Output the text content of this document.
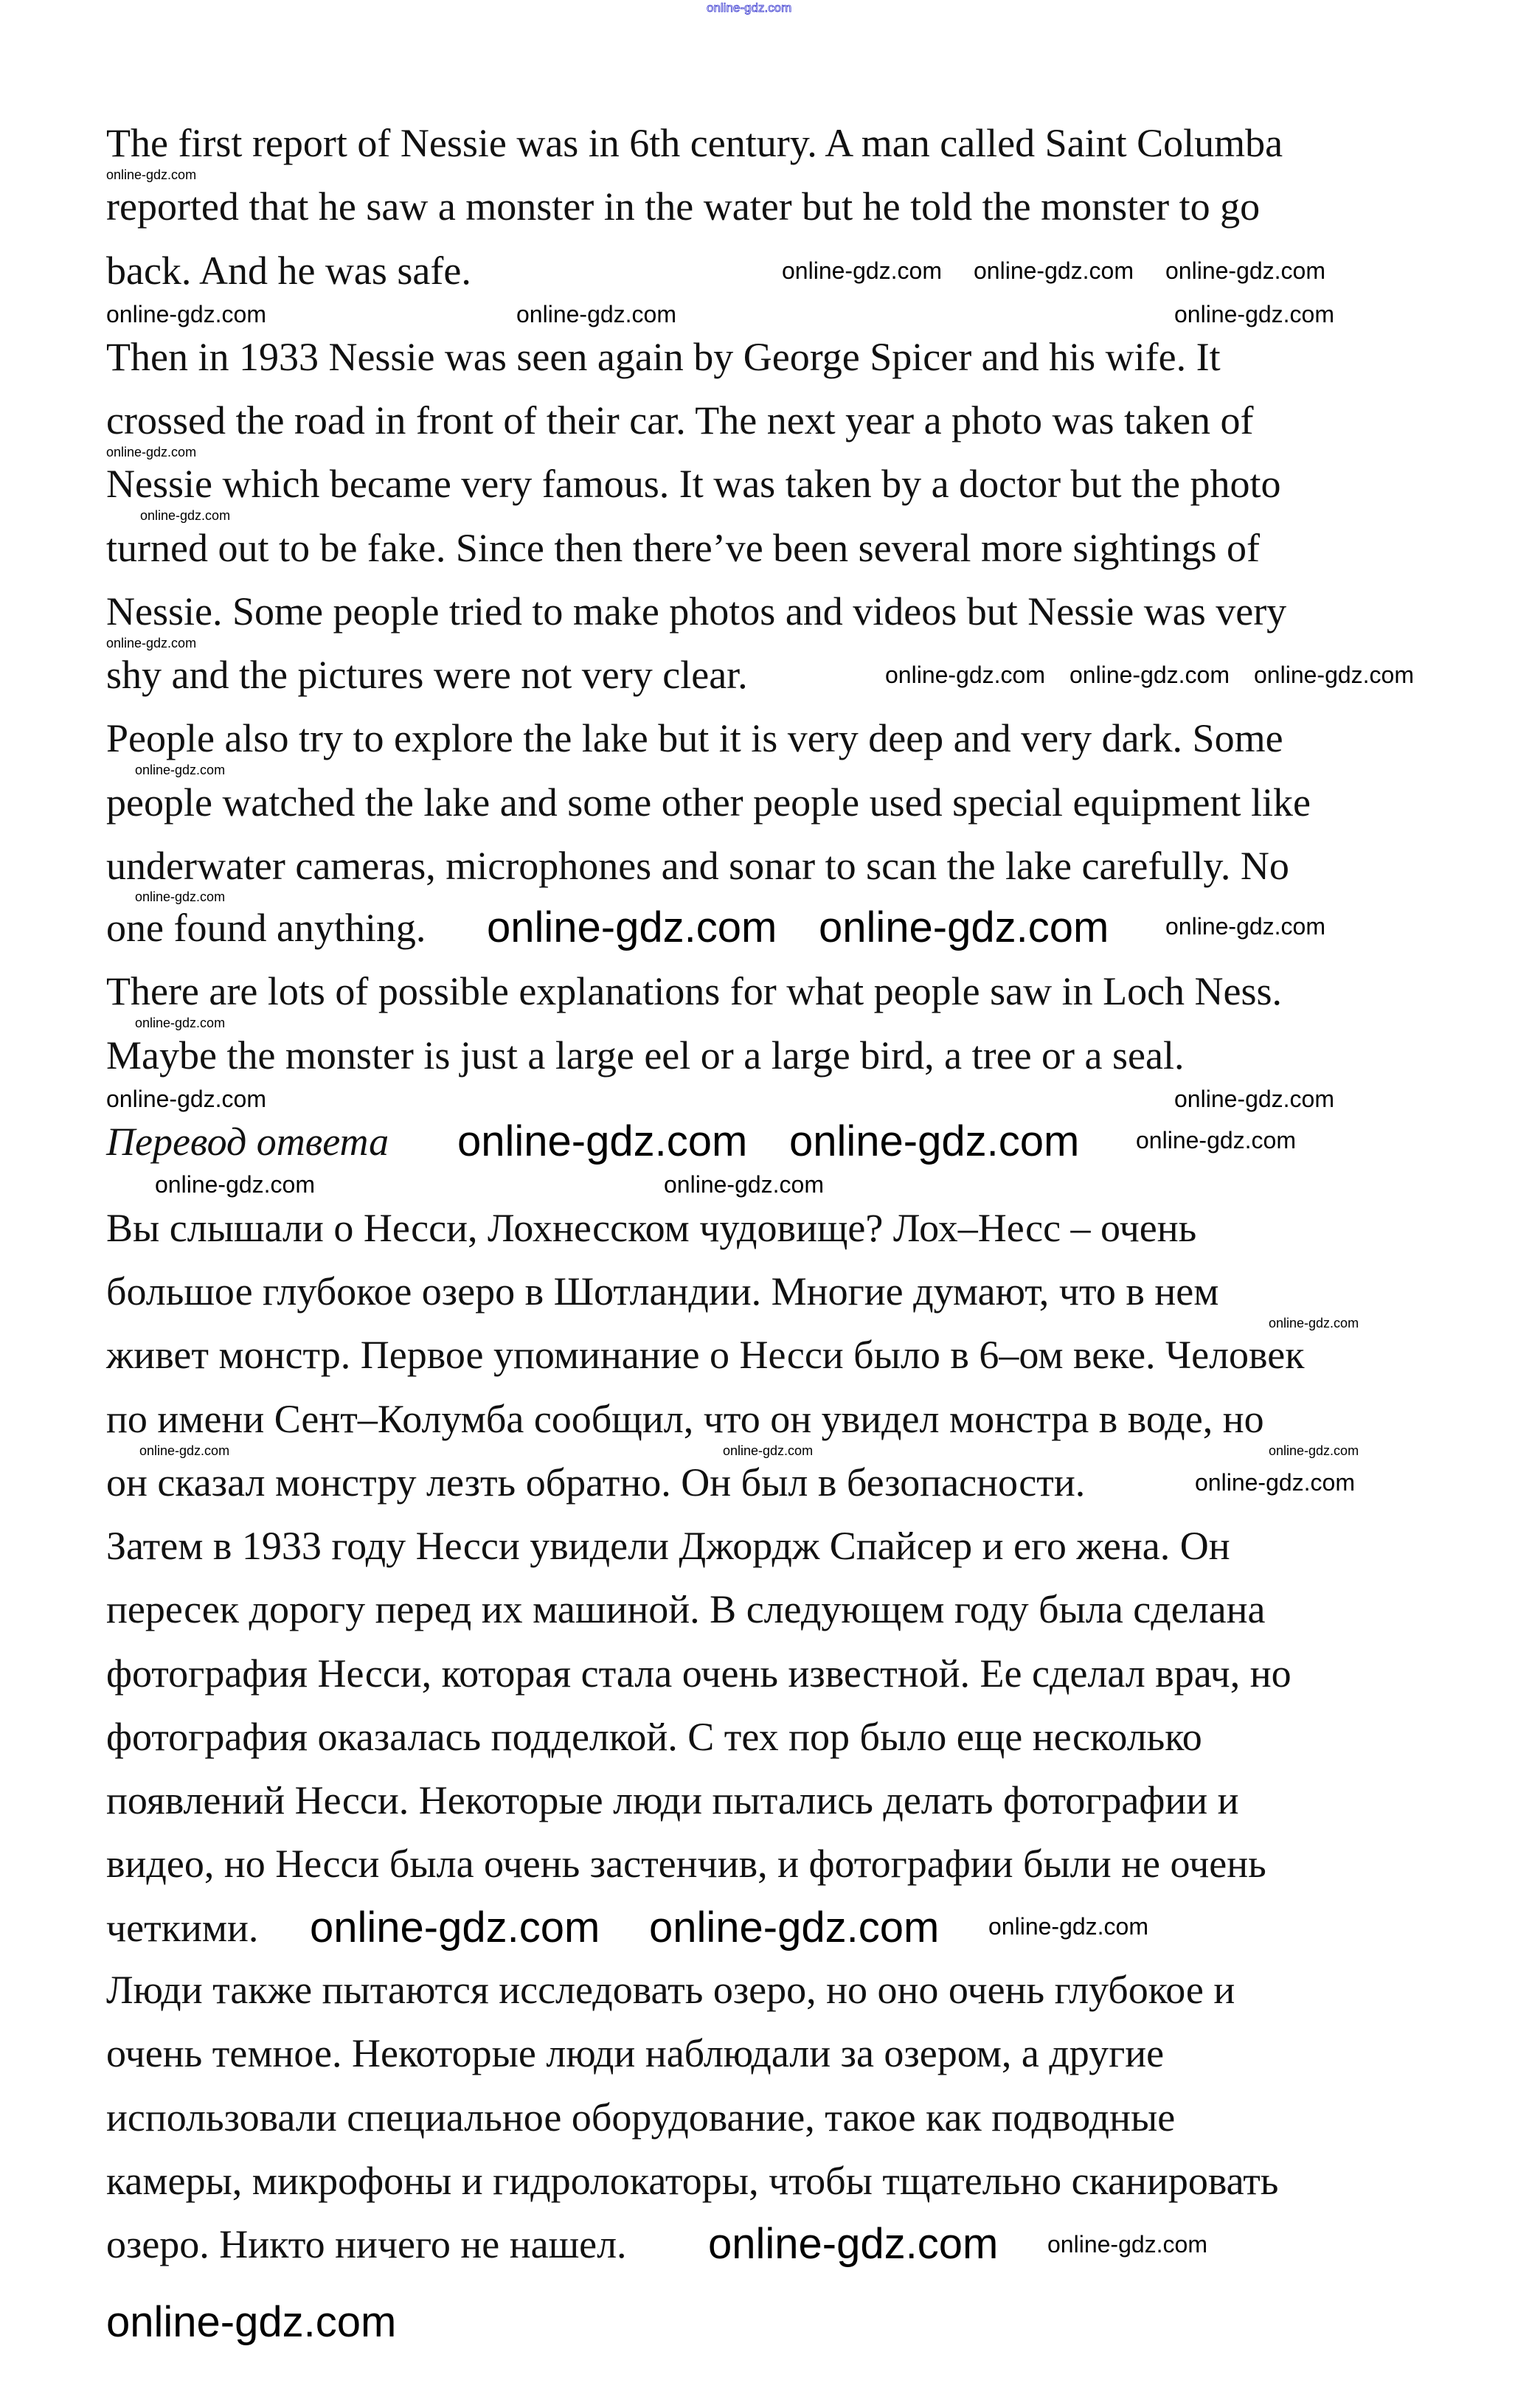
online-gdz.com
Перевод ответа
The first report of Nessie was in 6th century. A man called Saint Columba
reported that he saw a monster in the water but he told the monster to go
back. And he was safe.
Then in 1933 Nessie was seen again by George Spicer and his wife. It
crossed the road in front of their car. The next year a photo was taken of
Nessie which became very famous. It was taken by a doctor but the photo
turned out to be fake. Since then there’ve been several more sightings of
Nessie. Some people tried to make photos and videos but Nessie was very
shy and the pictures were not very clear.
People also try to explore the lake but it is very deep and very dark. Some
people watched the lake and some other people used special equipment like
underwater cameras, microphones and sonar to scan the lake carefully. No
one found anything.
There are lots of possible explanations for what people saw in Loch Ness.
Maybe the monster is just a large eel or a large bird, a tree or a seal.
Вы слышали о Несси, Лохнесском чудовище? Лох–Несс – очень
большое глубокое озеро в Шотландии. Многие думают, что в нем
живет монстр. Первое упоминание о Несси было в 6–ом веке. Человек
по имени Сент–Колумба сообщил, что он увидел монстра в воде, но
он сказал монстру лезть обратно. Он был в безопасности.
Затем в 1933 году Несси увидели Джордж Спайсер и его жена. Он
пересек дорогу перед их машиной. В следующем году была сделана
фотография Несси, которая стала очень известной. Ее сделал врач, но
фотография оказалась подделкой. С тех пор было еще несколько
появлений Несси. Некоторые люди пытались делать фотографии и
видео, но Несси была очень застенчив, и фотографии были не очень
четкими.
Люди также пытаются исследовать озеро, но оно очень глубокое и
очень темное. Некоторые люди наблюдали за озером, а другие
использовали специальное оборудование, такое как подводные
камеры, микрофоны и гидролокаторы, чтобы тщательно сканировать
озеро. Никто ничего не нашел.
online-gdz.com online-gdz.com
online-gdz.com online-gdz.com
online-gdz.com online-gdz.com
online-gdz.com
online-gdz.com
online-gdz.com online-gdz.com online-gdz.com
online-gdz.com	online-gdz.com	online-gdz.com
online-gdz.com online-gdz.com online-gdz.com
online-gdz.com
online-gdz.com
online-gdz.com	online-gdz.com
online-gdz.com	online-gdz.com
online-gdz.com
online-gdz.com
online-gdz.com
online-gdz.com
online-gdz.com
online-gdz.com
online-gdz.com
online-gdz.com
online-gdz.com
online-gdz.com
online-gdz.com
online-gdz.com	online-gdz.com	online-gdz.com
